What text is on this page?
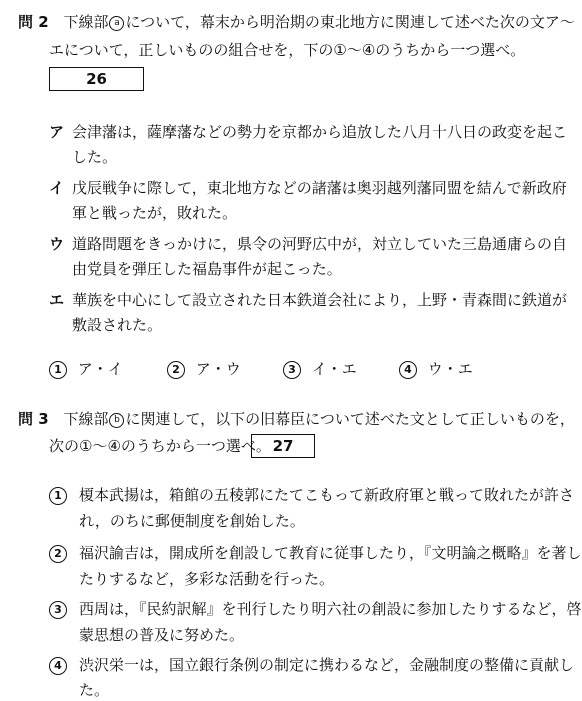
問 2 下線部 a について，幕末から明治期の東北地方に関連して述べた次の文ア〜
エについて，正しいものの組合せを，下の①〜④のうちから一つ選べ。
26
ア 会津藩は，薩摩藩などの勢力を京都から追放した八月十八日の政変を起こ
した。
イ 戊辰戦争に際して，東北地方などの諸藩は奥羽越列藩同盟を結んで新政府
軍と戦ったが，敗れた。
ウ 道路問題をきっかけに，県令の河野広中が，対立していた三島通庸らの自
由党員を弾圧した福島事件が起こった。
エ 華族を中心にして設立された日本鉄道会社により，上野・青森間に鉄道が
敷設された。
1 ア・イ	2 ア・ウ	3 イ・エ	4 ウ・エ
問 3 下線部 b に関連して，以下の旧幕臣について述べた文として正しいものを，
次の①〜④のうちから一つ選べ。 27
1	榎本武揚は，箱館の五稜郭にたてこもって新政府軍と戦って敗れたが許さ
れ，のちに郵便制度を創始した。
2	福沢諭吉は，開成所を創設して教育に従事したり，『文明論之概略』を著し
たりするなど，多彩な活動を行った。
3	西周は，『民約訳解』を刊行したり明六社の創設に参加したりするなど，啓
蒙思想の普及に努めた。
4	渋沢栄一は，国立銀行条例の制定に携わるなど，金融制度の整備に貢献し
た。
